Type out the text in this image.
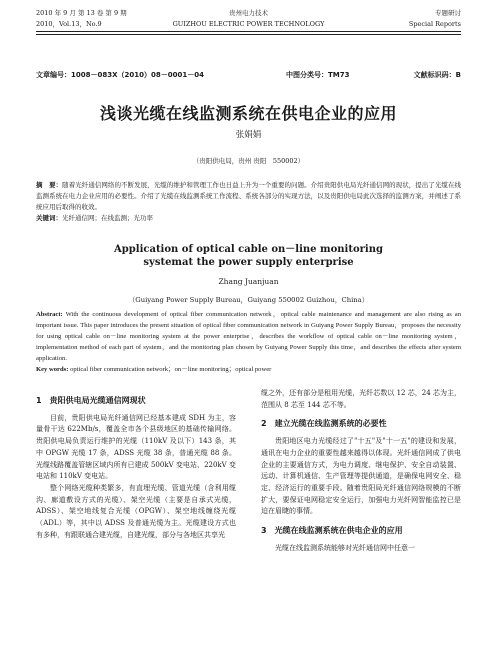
2010 年 9 月 第 13 卷 第 9 期
2010，Vol.13，No.9
贵州电力技术
GUIZHOU ELECTRIC POWER TECHNOLOGY
专题研讨
Special Reports
文章编号：1008－083X（2010）08－0001－04	中图分类号：TM73	文献标识码：B
浅谈光缆在线监测系统在供电企业的应用
张娟娟
（贵阳供电局，贵州 贵阳　550002）
摘　要：随着光纤通信网络的不断发展，光缆的维护和管理工作也日益上升为一个重要的问题。介绍贵阳供电局光纤通信网的现状，提出了光缆在线监测系统在电力企业应用的必要性。介绍了光缆在线监测系统工作流程、系统各部分的实现方法，以及贵阳供电局此次选择的监测方案，并阐述了系统应用后取得的收效。
关键词：光纤通信网；在线监测；光功率
Application of optical cable on－line monitoring
systemat the power supply enterprise
Zhang Juanjuan
（Guiyang Power Supply Bureau，Guiyang 550002 Guizhou，China）
Abstract: With the continuous development of optical fiber communication network，optical cable maintenance and management are also rising as an important issue. This paper introduces the present situation of optical fiber communication network in Guiyang Power Supply Bureau，proposes the necessity for using optical cable on－line monitoring system at the power enterprise，describes the workflow of optical cable on－line monitoring system，implementation method of each part of system，and the monitoring plan chosen by Guiyang Power Supply this time，and describes the effects after system application.
Key words: optical fiber communication network；on－line monitoring；optical power
1　贵阳供电局光缆通信网现状

目前，贵阳供电局光纤通信网已经基本建成 SDH 为主，容量骨干达 622Mb/s，覆盖全市各个县级地区的基础传输网络。贵阳供电局负责运行维护的光缆（110kV 及以下）143 条，其中 OPGW 光缆 17 条，ADSS 光缆 38 条，普通光缆 88 条。光缆线路覆盖管辖区域内所有已建成 500kV 变电站、220kV 变电站和 110kV 变电站。

整个网络光缆种类繁多，有直埋光缆、管道光缆（含利用缆沟、廊道敷设方式的光缆）、架空光缆（主要是自承式光缆，ADSS）、架空地线复合光缆（OPGW）、架空地线缠绕光缆（ADL）等，其中以 ADSS 及普通光缆为主。光缆建设方式也有多种，有跟联通合建光缆，自建光缆，部分与各地区共享光

缆之外，还有部分是租用光缆，光纤芯数以 12 芯，24 芯为主，范围从 8 芯至 144 芯不等。

2　建立光缆在线监测系统的必要性

贵阳地区电力光缆经过了"十五"及"十一五"的建设和发展，通讯在电力企业的重要性越来越得以体现。光纤通信网成了供电企业的主要通信方式，为电力调度、继电保护、安全自动装置、远动、计算机通信、生产管理等提供通道，是确保电网安全、稳定、经济运行的重要手段。随着贵阳局光纤通信网络规模的不断扩大，要保证电网稳定安全运行，加强电力光纤网智能监控已是迫在眉睫的事情。

3　光缆在线监测系统在供电企业的应用

光缆在线监测系统能够对光纤通信网中任意一
